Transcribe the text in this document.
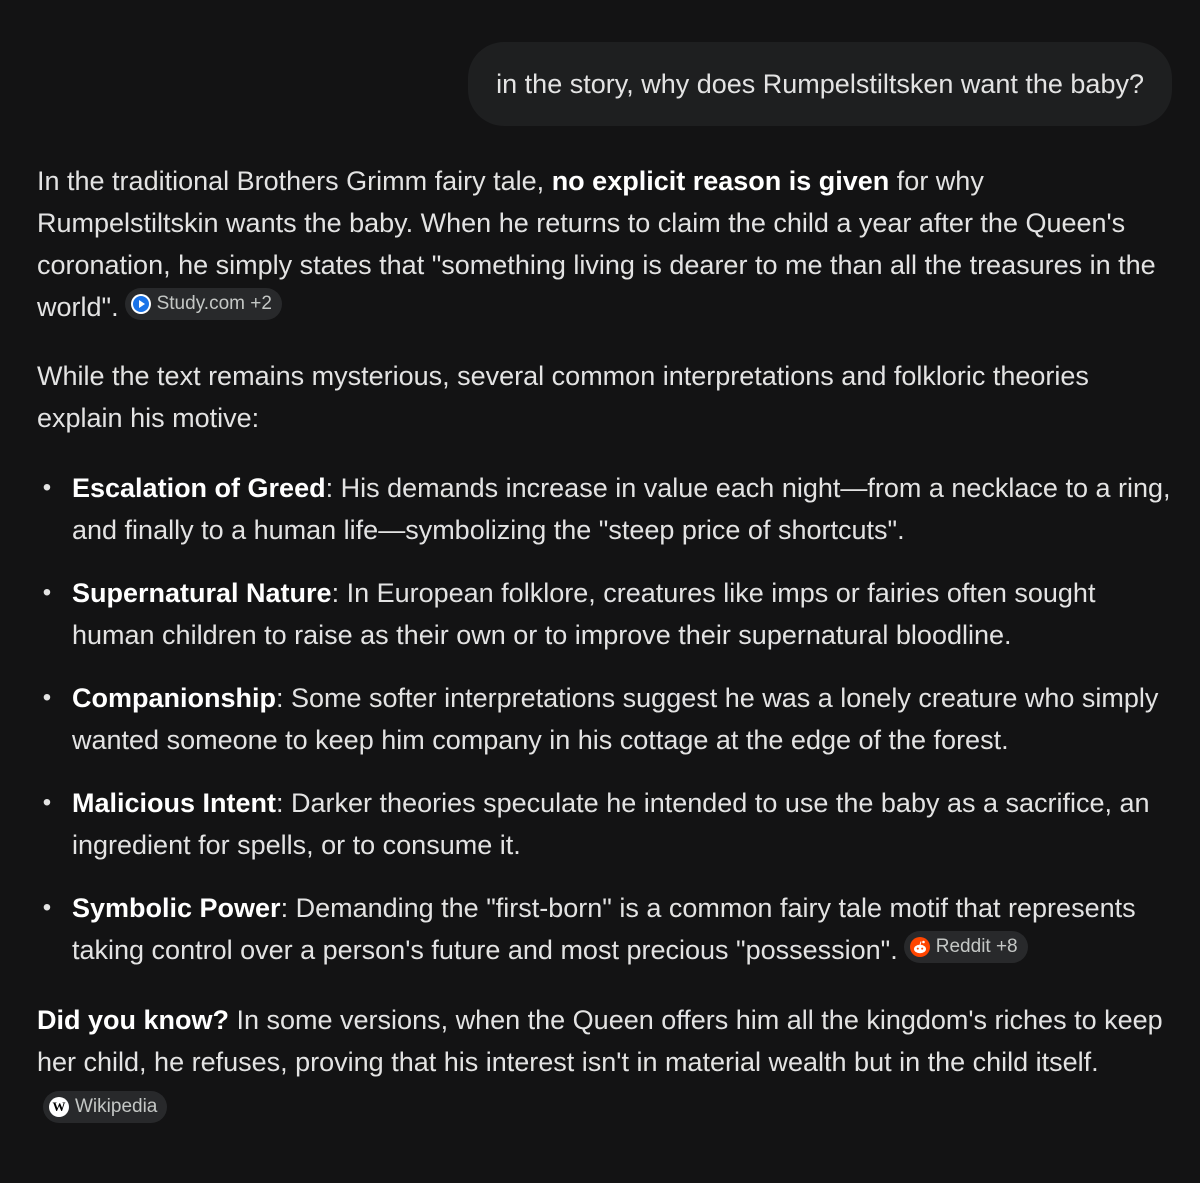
in the story, why does Rumpelstiltsken want the baby?

In the traditional Brothers Grimm fairy tale, no explicit reason is given for why Rumpelstiltskin wants the baby. When he returns to claim the child a year after the Queen's coronation, he simply states that "something living is dearer to me than all the treasures in the world". Study.com +2

While the text remains mysterious, several common interpretations and folkloric theories explain his motive:

• Escalation of Greed: His demands increase in value each night—from a necklace to a ring, and finally to a human life—symbolizing the "steep price of shortcuts".
• Supernatural Nature: In European folklore, creatures like imps or fairies often sought human children to raise as their own or to improve their supernatural bloodline.
• Companionship: Some softer interpretations suggest he was a lonely creature who simply wanted someone to keep him company in his cottage at the edge of the forest.
• Malicious Intent: Darker theories speculate he intended to use the baby as a sacrifice, an ingredient for spells, or to consume it.
• Symbolic Power: Demanding the "first-born" is a common fairy tale motif that represents taking control over a person's future and most precious "possession". Reddit +8

Did you know? In some versions, when the Queen offers him all the kingdom's riches to keep her child, he refuses, proving that his interest isn't in material wealth but in the child itself.
W Wikipedia
